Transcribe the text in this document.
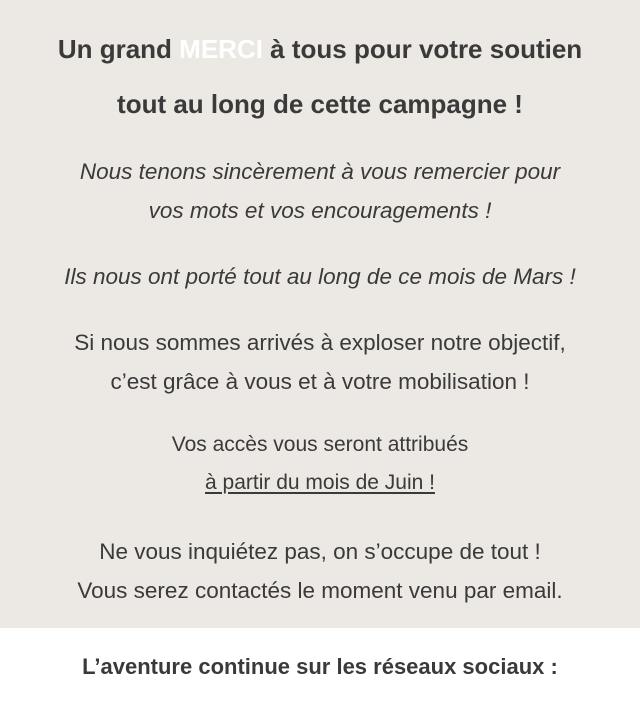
Un grand MERCI à tous pour votre soutien
tout au long de cette campagne !

Nous tenons sincèrement à vous remercier pour
vos mots et vos encouragements !

Ils nous ont porté tout au long de ce mois de Mars !

Si nous sommes arrivés à exploser notre objectif,
c’est grâce à vous et à votre mobilisation !

Vos accès vous seront attribués
à partir du mois de Juin !

Ne vous inquiétez pas, on s’occupe de tout !
Vous serez contactés le moment venu par email.

L’aventure continue sur les réseaux sociaux :
